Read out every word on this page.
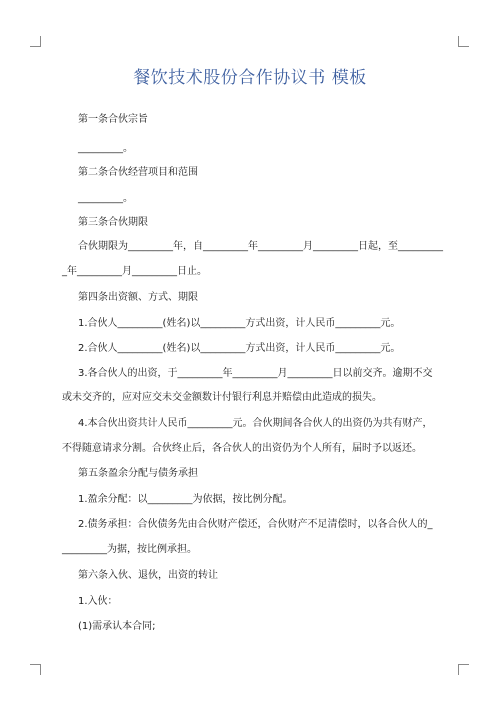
餐饮技术股份合作协议书 模板
第一条合伙宗旨
_________。
第二条合伙经营项目和范围
_________。
第三条合伙期限
合伙期限为_________年，自_________年_________月_________日起，至_________
_年_________月_________日止。
第四条出资额、方式、期限
1.合伙人_________(姓名)以_________方式出资，计人民币_________元。
2.合伙人_________(姓名)以_________方式出资，计人民币_________元。
3.各合伙人的出资，于_________年_________月_________日以前交齐。逾期不交
或未交齐的，应对应交未交金额数计付银行利息并赔偿由此造成的损失。
4.本合伙出资共计人民币_________元。合伙期间各合伙人的出资仍为共有财产，
不得随意请求分割。合伙终止后，各合伙人的出资仍为个人所有，届时予以返还。
第五条盈余分配与债务承担
1.盈余分配：以_________为依据，按比例分配。
2.债务承担：合伙债务先由合伙财产偿还，合伙财产不足清偿时，以各合伙人的_
_________为据，按比例承担。
第六条入伙、退伙，出资的转让
1.入伙：
(1)需承认本合同;
